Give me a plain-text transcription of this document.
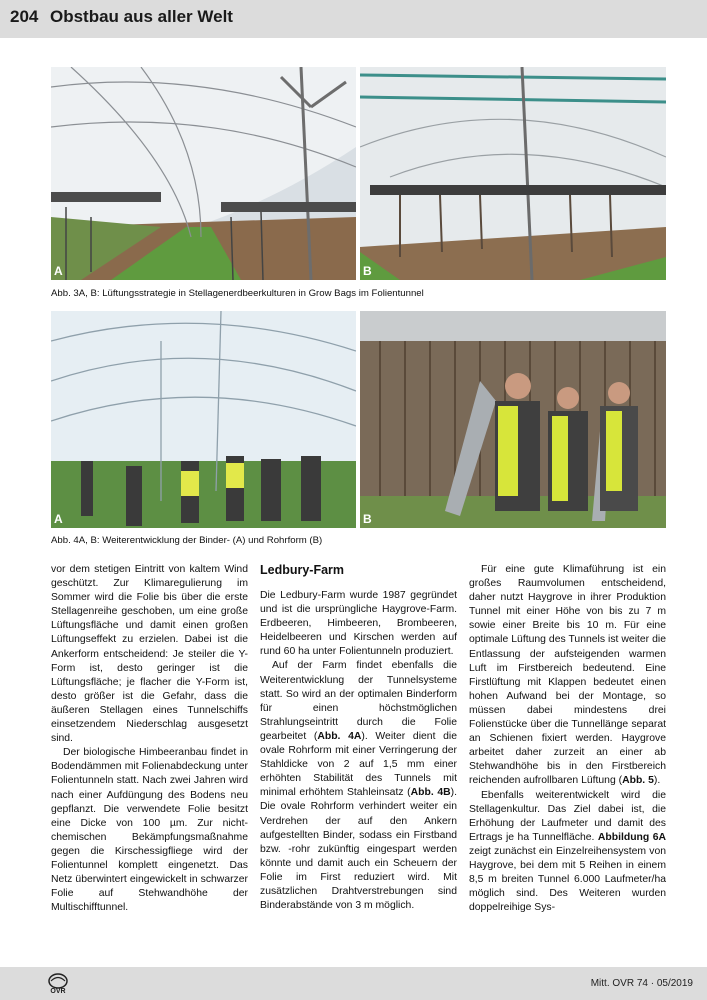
204 Obstbau aus aller Welt
A	B
Abb. 3A, B: Lüftungsstrategie in Stellagenerdbeerkulturen in Grow Bags im Folientunnel
A	B
Abb. 4A, B: Weiterentwicklung der Binder- (A) und Rohrform (B)

vor dem stetigen Eintritt von kaltem Wind geschützt. Zur Klimaregulierung im Sommer wird die Folie bis über die erste Stellagenreihe geschoben, um eine große Lüftungsfläche und damit einen großen Lüftungseffekt zu erzielen. Dabei ist die Ankerform entscheidend: Je steiler die Y-Form ist, desto geringer ist die Lüftungsfläche; je flacher die Y-Form ist, desto größer ist die Gefahr, dass die äußeren Stellagen eines Tunnelschiffs einsetzendem Niederschlag ausgesetzt sind.

Der biologische Himbeeranbau findet in Bodendämmen mit Folienabdeckung unter Folientunneln statt. Nach zwei Jahren wird nach einer Aufdüngung des Bodens neu gepflanzt. Die verwendete Folie besitzt eine Dicke von 100 µm. Zur nicht-chemischen Bekämpfungsmaßnahme gegen die Kirschessigfliege wird der Folientunnel komplett eingenetzt. Das Netz überwintert eingewickelt in schwarzer Folie auf Stehwandhöhe der Multischifftunnel.

Ledbury-Farm

Die Ledbury-Farm wurde 1987 gegründet und ist die ursprüngliche Haygrove-Farm. Erdbeeren, Himbeeren, Brombeeren, Heidelbeeren und Kirschen werden auf rund 60 ha unter Folientunneln produziert.

Auf der Farm findet ebenfalls die Weiterentwicklung der Tunnelsysteme statt. So wird an der optimalen Binderform für einen höchstmöglichen Strahlungseintritt durch die Folie gearbeitet (Abb. 4A). Weiter dient die ovale Rohrform mit einer Verringerung der Stahldicke von 2 auf 1,5 mm einer erhöhten Stabilität des Tunnels mit minimal erhöhtem Stahleinsatz (Abb. 4B). Die ovale Rohrform verhindert weiter ein Verdrehen der auf den Ankern aufgestellten Binder, sodass ein Firstband bzw. -rohr zukünftig eingespart werden könnte und damit auch ein Scheuern der Folie im First reduziert wird. Mit zusätzlichen Drahtverstrebungen sind Binderabstände von 3 m möglich.

Für eine gute Klimaführung ist ein großes Raumvolumen entscheidend, daher nutzt Haygrove in ihrer Produktion Tunnel mit einer Höhe von bis zu 7 m sowie einer Breite bis 10 m. Für eine optimale Lüftung des Tunnels ist weiter die Entlassung der aufsteigenden warmen Luft im Firstbereich bedeutend. Eine Firstlüftung mit Klappen bedeutet einen hohen Aufwand bei der Montage, so müssen dabei mindestens drei Folienstücke über die Tunnellänge separat an Schienen fixiert werden. Haygrove arbeitet daher zurzeit an einer ab Stehwandhöhe bis in den Firstbereich reichenden aufrollbaren Lüftung (Abb. 5).

Ebenfalls weiterentwickelt wird die Stellagenkultur. Das Ziel dabei ist, die Erhöhung der Laufmeter und damit des Ertrags je ha Tunnelfläche. Abbildung 6A zeigt zunächst ein Einzelreihensystem von Haygrove, bei dem mit 5 Reihen in einem 8,5 m breiten Tunnel 6.000 Laufmeter/ha möglich sind. Des Weiteren wurden doppelreihige Sys-

OVR
Mitt. OVR 74 · 05/2019
